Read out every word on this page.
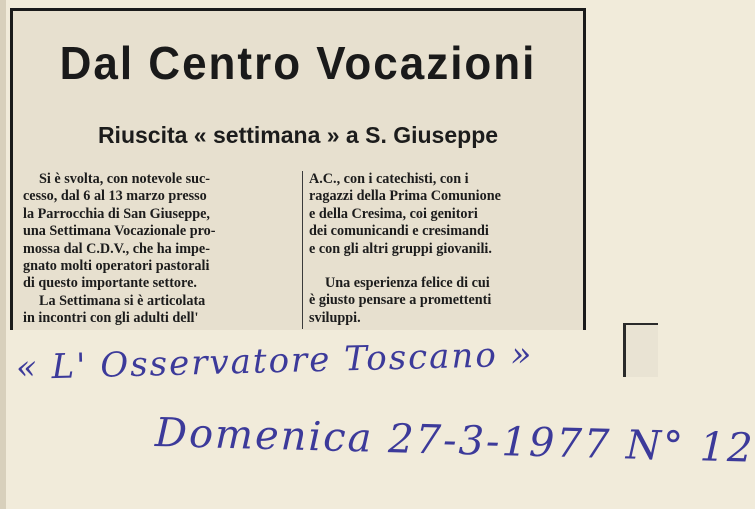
Dal Centro Vocazioni
Riuscita « settimana » a S. Giuseppe
Si è svolta, con notevole suc-
cesso, dal 6 al 13 marzo presso
la Parrocchia di San Giuseppe,
una Settimana Vocazionale pro-
mossa dal C.D.V., che ha impe-
gnato molti operatori pastorali
di questo importante settore.
La Settimana si è articolata
in incontri con gli adulti dell'
A.C., con i catechisti, con i
ragazzi della Prima Comunione
e della Cresima, coi genitori
dei comunicandi e cresimandi
e con gli altri gruppi giovanili.
Una esperienza felice di cui
è giusto pensare a promettenti
sviluppi.
« L' Osservatore Toscano »
Domenica 27-3-1977 N° 12
